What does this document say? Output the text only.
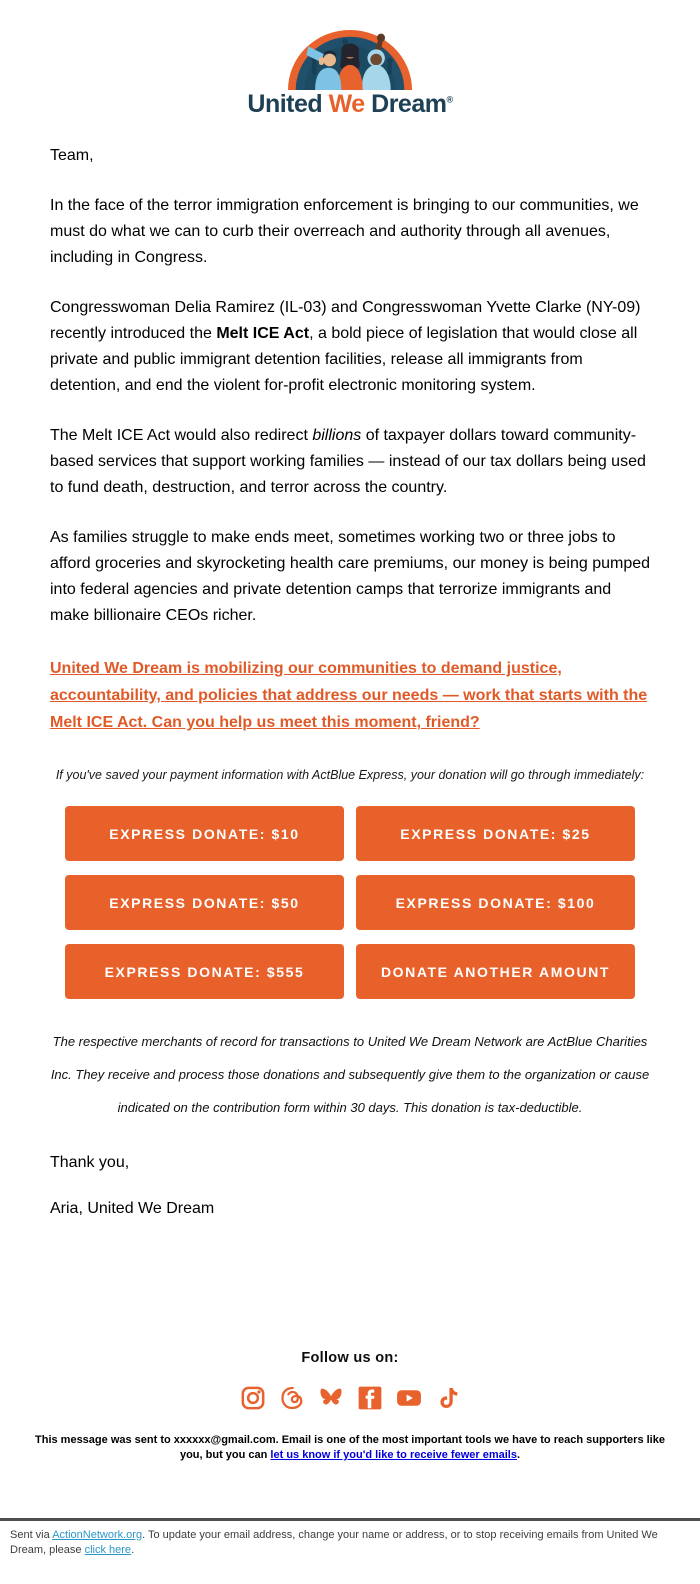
United We Dream®

Team,

In the face of the terror immigration enforcement is bringing to our communities, we must do what we can to curb their overreach and authority through all avenues, including in Congress.

Congresswoman Delia Ramirez (IL-03) and Congresswoman Yvette Clarke (NY-09) recently introduced the Melt ICE Act, a bold piece of legislation that would close all private and public immigrant detention facilities, release all immigrants from detention, and end the violent for-profit electronic monitoring system.

The Melt ICE Act would also redirect billions of taxpayer dollars toward community-based services that support working families — instead of our tax dollars being used to fund death, destruction, and terror across the country.

As families struggle to make ends meet, sometimes working two or three jobs to afford groceries and skyrocketing health care premiums, our money is being pumped into federal agencies and private detention camps that terrorize immigrants and make billionaire CEOs richer.

United We Dream is mobilizing our communities to demand justice, accountability, and policies that address our needs — work that starts with the Melt ICE Act. Can you help us meet this moment, friend?

If you've saved your payment information with ActBlue Express, your donation will go through immediately:

EXPRESS DONATE: $10	EXPRESS DONATE: $25
EXPRESS DONATE: $50	EXPRESS DONATE: $100
EXPRESS DONATE: $555	DONATE ANOTHER AMOUNT

The respective merchants of record for transactions to United We Dream Network are ActBlue Charities Inc. They receive and process those donations and subsequently give them to the organization or cause indicated on the contribution form within 30 days. This donation is tax-deductible.

Thank you,

Aria, United We Dream

Follow us on:

This message was sent to xxxxxx@gmail.com. Email is one of the most important tools we have to reach supporters like you, but you can let us know if you'd like to receive fewer emails.

Sent via ActionNetwork.org. To update your email address, change your name or address, or to stop receiving emails from United We Dream, please click here.
